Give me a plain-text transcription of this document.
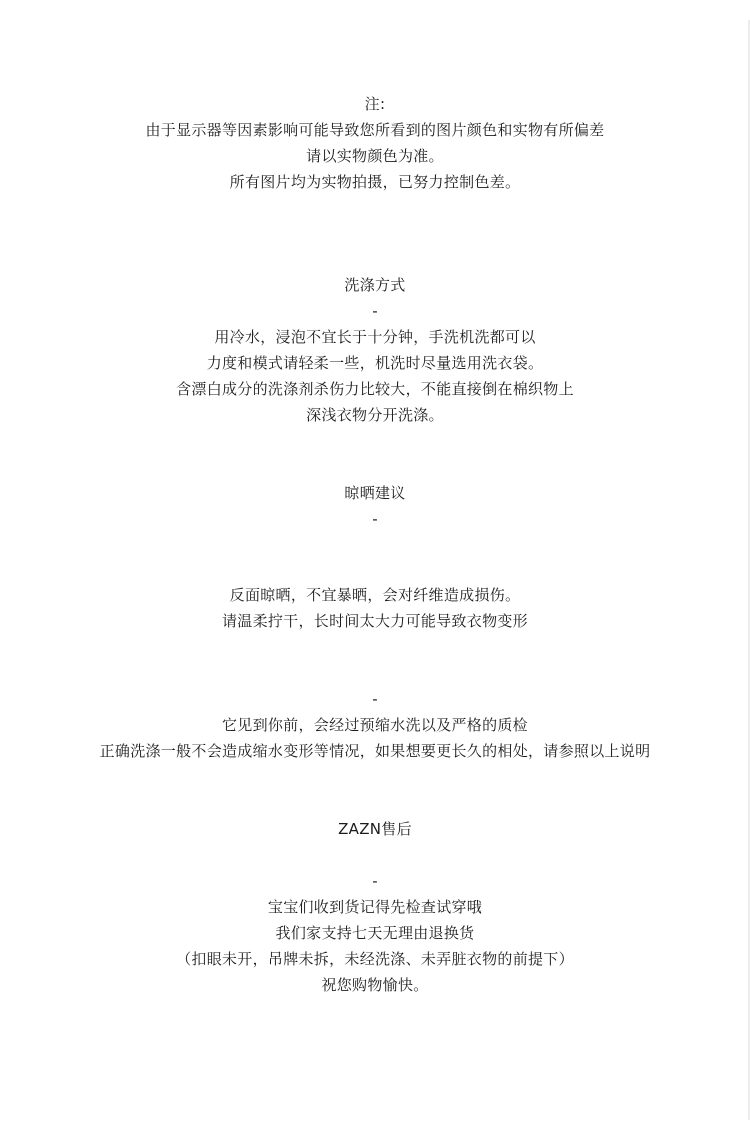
注:
由于显示器等因素影响可能导致您所看到的图片颜色和实物有所偏差
请以实物颜色为准。
所有图片均为实物拍摄，已努力控制色差。
洗涤方式
-
用冷水，浸泡不宜长于十分钟，手洗机洗都可以
力度和模式请轻柔一些，机洗时尽量选用洗衣袋。
含漂白成分的洗涤剂杀伤力比较大，不能直接倒在棉织物上
深浅衣物分开洗涤。
晾晒建议
-
反面晾晒，不宜暴晒，会对纤维造成损伤。
请温柔拧干，长时间太大力可能导致衣物变形
-
它见到你前，会经过预缩水洗以及严格的质检
正确洗涤一般不会造成缩水变形等情况，如果想要更长久的相处，请参照以上说明
ZAZN售后
-
宝宝们收到货记得先检查试穿哦
我们家支持七天无理由退换货
（扣眼未开，吊牌未拆，未经洗涤、未弄脏衣物的前提下）
祝您购物愉快。
